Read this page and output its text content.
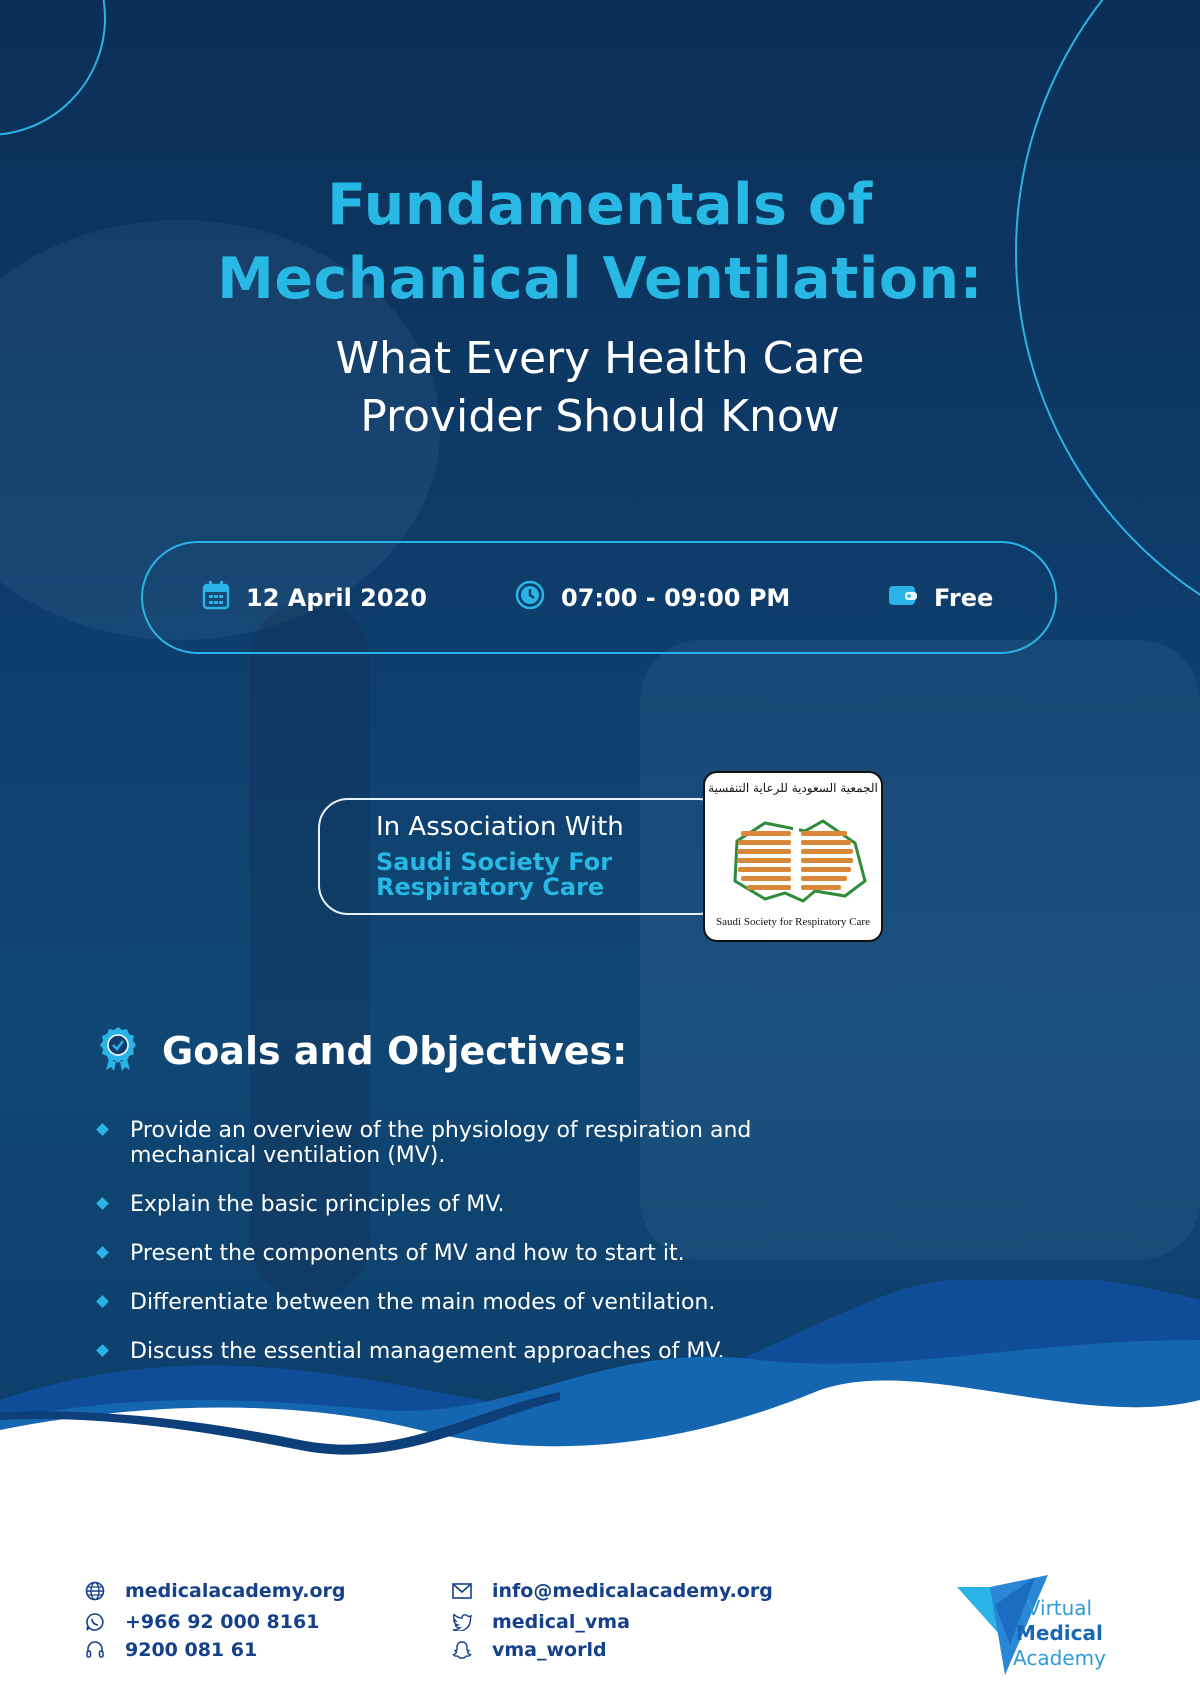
Fundamentals of
Mechanical Ventilation:
What Every Health Care
Provider Should Know
12 April 2020	07:00 - 09:00 PM	Free
In Association With
Saudi Society For
Respiratory Care
الجمعية السعودية للرعاية التنفسية
Saudi Society for Respiratory Care
Goals and Objectives:
Provide an overview of the physiology of respiration and mechanical ventilation (MV).
Explain the basic principles of MV.
Present the components of MV and how to start it.
Differentiate between the main modes of ventilation.
Discuss the essential management approaches of MV.
medicalacademy.org
+966 92 000 8161
9200 081 61
info@medicalacademy.org
medical_vma
vma_world
Virtual
Medical
Academy
